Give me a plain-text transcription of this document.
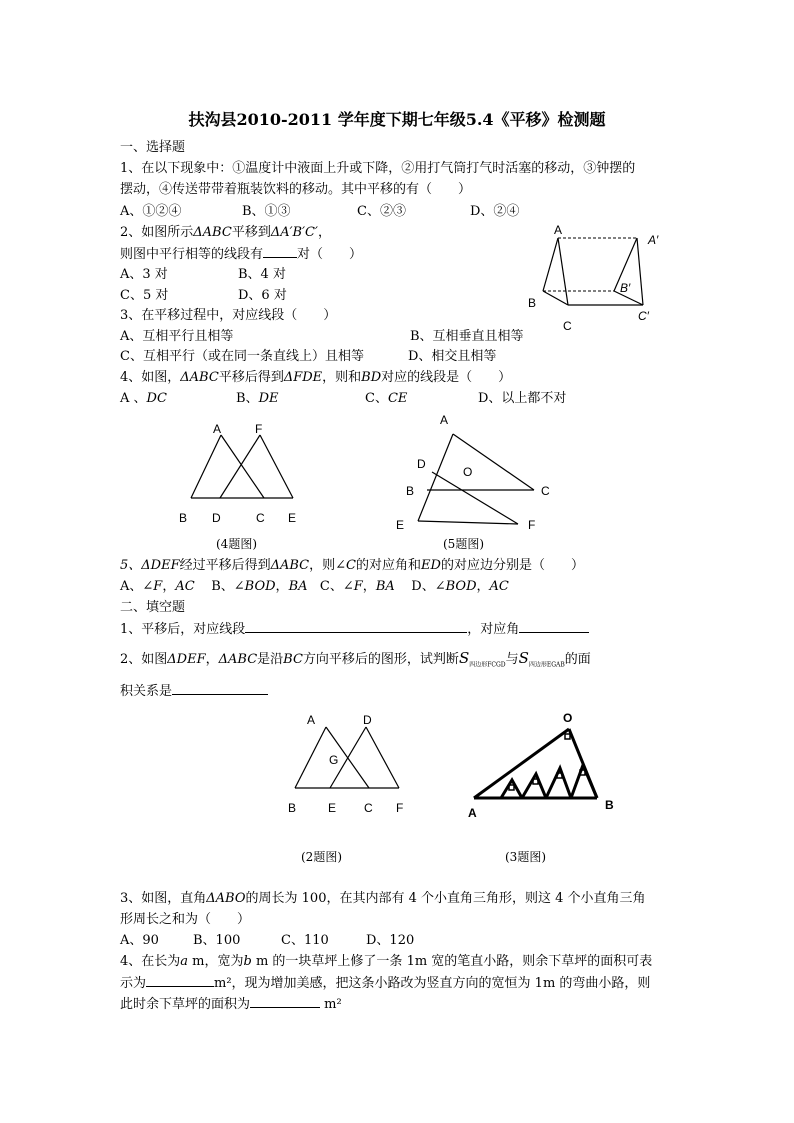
扶沟县2010-2011 学年度下期七年级5.4《平移》检测题
一、选择题
1、在以下现象中：①温度计中液面上升或下降，②用打气筒打气时活塞的移动，③钟摆的
摆动，④传送带带着瓶装饮料的移动。其中平移的有（　　）
A、①②④	B、①③	C、②③	D、②④
2、如图所示ΔABC平移到ΔA′B′C′，
则图中平行相等的线段有	对（　　）
A、3 对	B、4 对
C、5 对	D、6 对
A
A′
B
B′
C
C′
3、在平移过程中，对应线段（　　）
A、互相平行且相等	B、互相垂直且相等
C、互相平行（或在同一条直线上）且相等	D、相交且相等
4、如图，ΔABC平移后得到ΔFDE，则和BD对应的线段是（　　）
A 、DC	B、DE	C、CE	D、以上都不对
A	F
B D	C E
(4题图)
A
D
O
B	C
E	F
(5题图)
5、ΔDEF经过平移后得到ΔABC，则∠C的对应角和ED的对应边分别是（　　）
A、∠F，AC B、∠BOD，BA C、∠F，BA D、∠BOD，AC
二、填空题
1、平移后，对应线段	，对应角
2、如图ΔDEF，ΔABC是沿BC方向平移后的图形，试判断$S_{四边形FCGD}$与$S_{四边形EGAB}$的面
积关系是
A	D
G
B	E C F
(2题图)
O
A
B
(3题图)
3、如图，直角ΔABO的周长为 100，在其内部有 4 个小直角三角形，则这 4 个小直角三角
形周长之和为（　　）
A、90	B、100	C、110	D、120
4、在长为a m，宽为b m 的一块草坪上修了一条 1m 宽的笔直小路，则余下草坪的面积可表
示为	m²，现为增加美感，把这条小路改为竖直方向的宽恒为 1m 的弯曲小路，则
此时余下草坪的面积为	m²
